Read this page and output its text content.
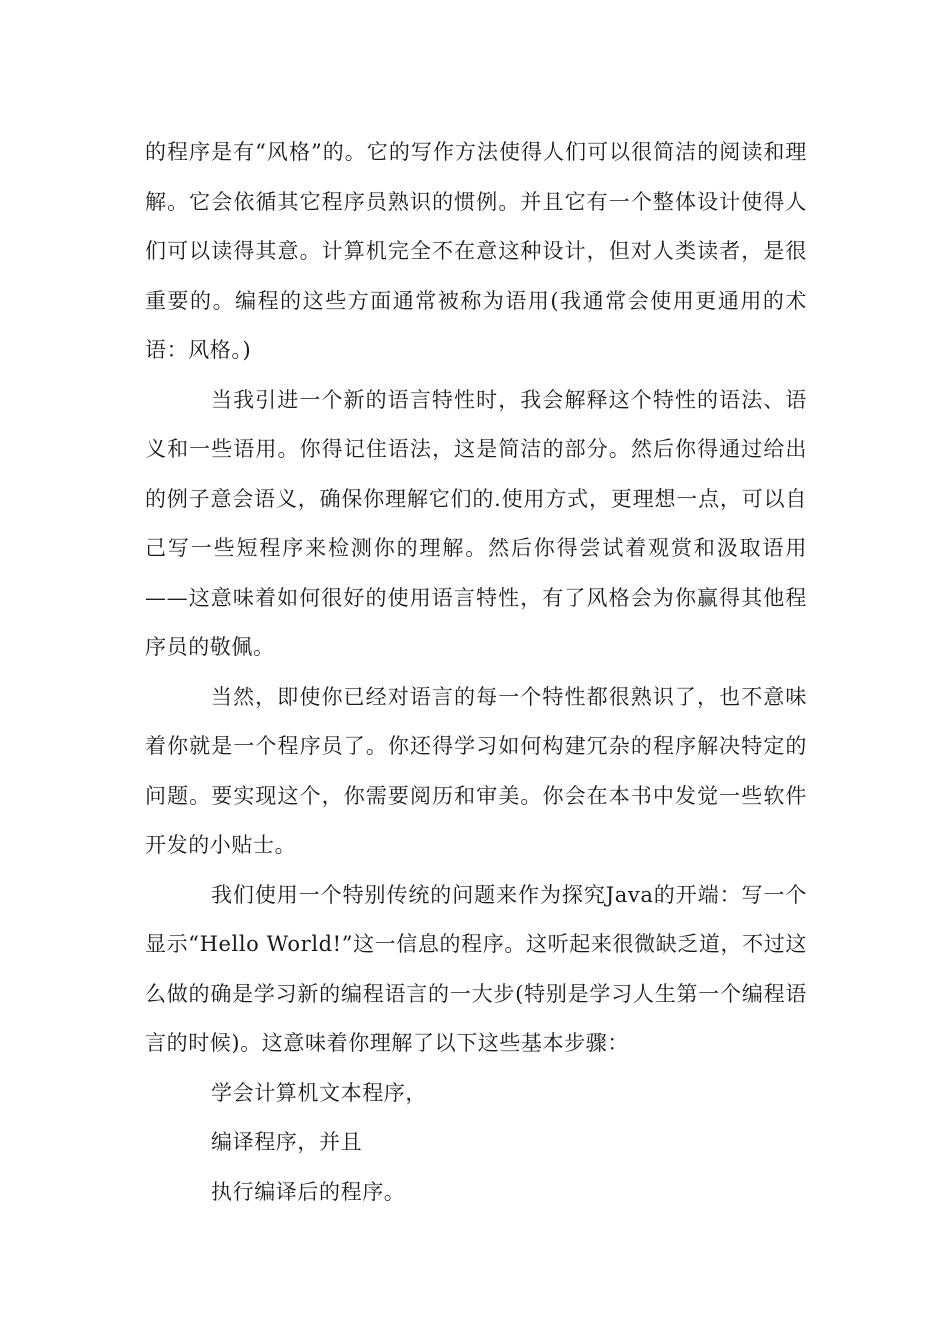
的程序是有“风格”的。它的写作方法使得人们可以很简洁的阅读和理解。它会依循其它程序员熟识的惯例。并且它有一个整体设计使得人们可以读得其意。计算机完全不在意这种设计，但对人类读者，是很重要的。编程的这些方面通常被称为语用(我通常会使用更通用的术语：风格。)

当我引进一个新的语言特性时，我会解释这个特性的语法、语义和一些语用。你得记住语法，这是简洁的部分。然后你得通过给出的例子意会语义，确保你理解它们的.使用方式，更理想一点，可以自己写一些短程序来检测你的理解。然后你得尝试着观赏和汲取语用——这意味着如何很好的使用语言特性，有了风格会为你赢得其他程序员的敬佩。

当然，即使你已经对语言的每一个特性都很熟识了，也不意味着你就是一个程序员了。你还得学习如何构建冗杂的程序解决特定的问题。要实现这个，你需要阅历和审美。你会在本书中发觉一些软件开发的小贴士。

我们使用一个特别传统的问题来作为探究Java的开端：写一个显示“Hello World!”这一信息的程序。这听起来很微缺乏道，不过这么做的确是学习新的编程语言的一大步(特别是学习人生第一个编程语言的时候)。这意味着你理解了以下这些基本步骤：

学会计算机文本程序，

编译程序，并且

执行编译后的程序。
